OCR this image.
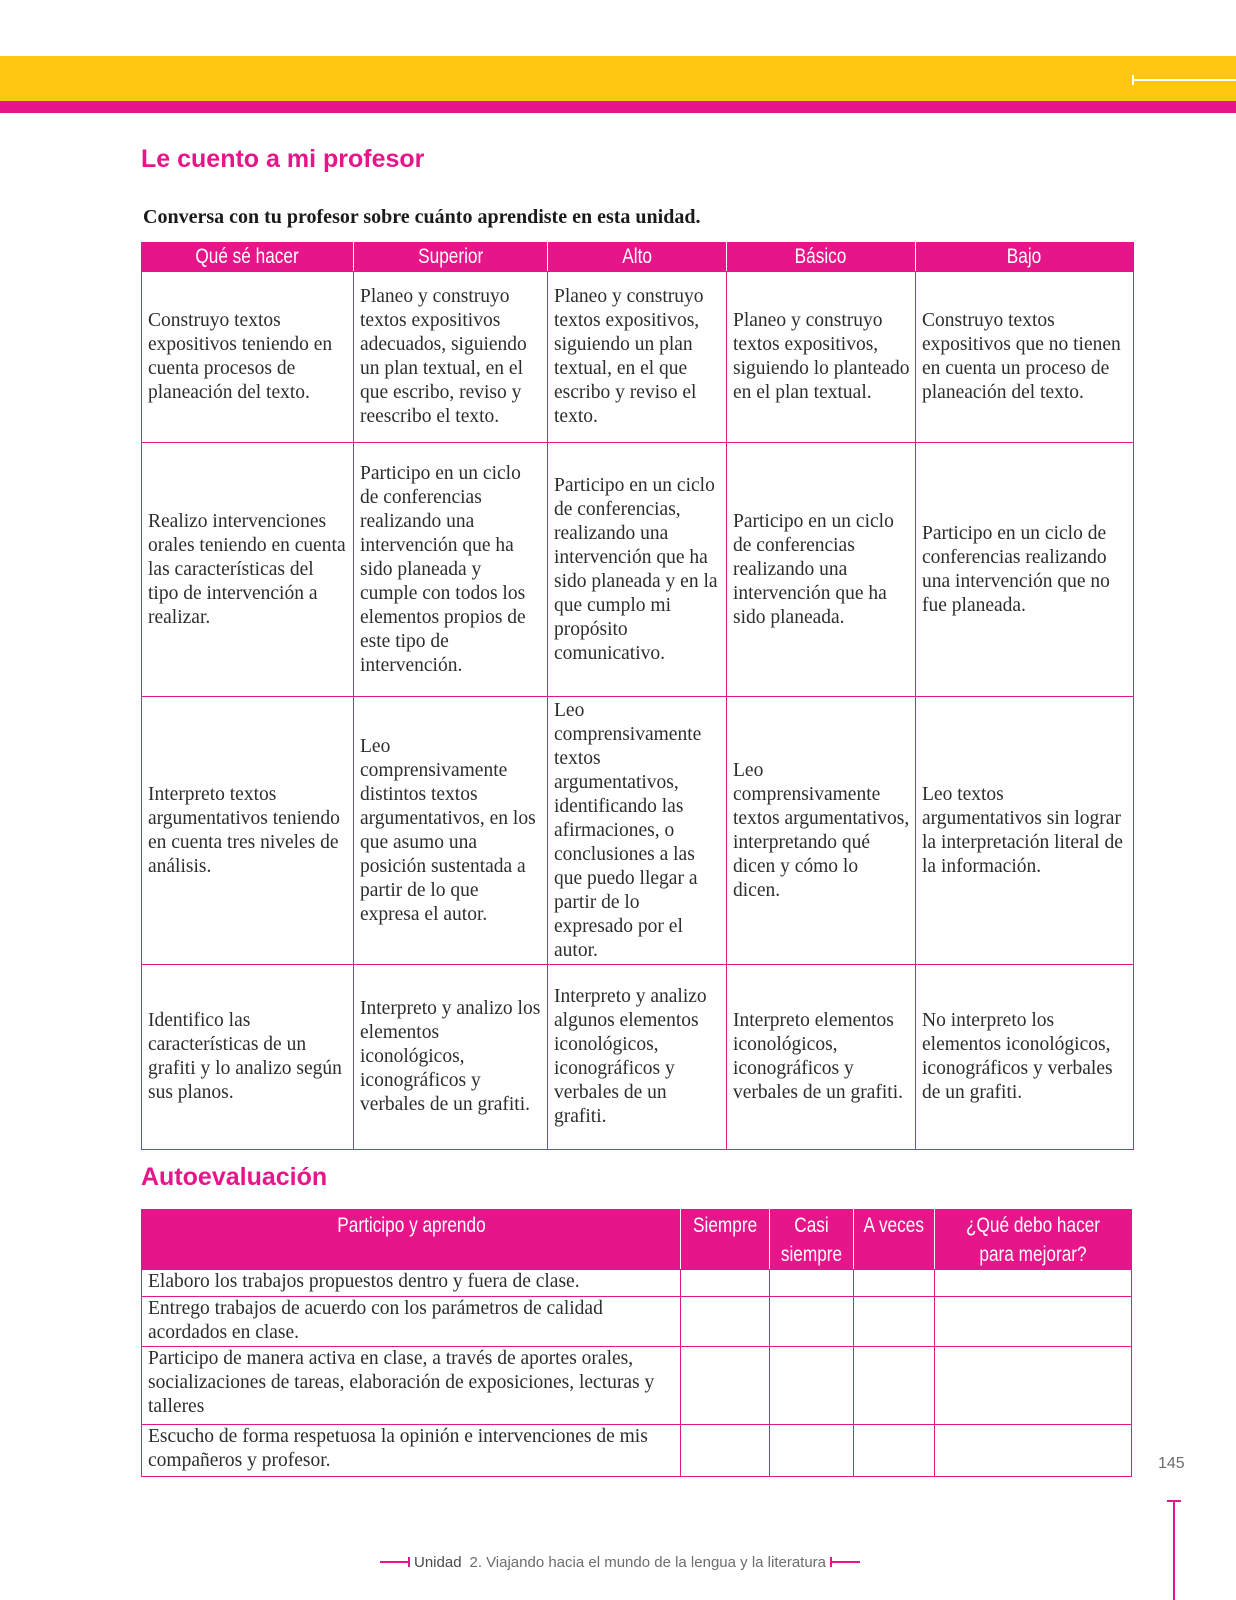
Le cuento a mi profesor

Conversa con tu profesor sobre cuánto aprendiste en esta unidad.

Qué sé hacer	Superior	Alto	Básico	Bajo
Construyo textos expositivos teniendo en cuenta procesos de planeación del texto.	Planeo y construyo textos expositivos adecuados, siguiendo un plan textual, en el que escribo, reviso y reescribo el texto.	Planeo y construyo textos expositivos, siguiendo un plan textual, en el que escribo y reviso el texto.	Planeo y construyo textos expositivos, siguiendo lo planteado en el plan textual.	Construyo textos expositivos que no tienen en cuenta un proceso de planeación del texto.
Realizo intervenciones orales teniendo en cuenta las características del tipo de intervención a realizar.	Participo en un ciclo de conferencias realizando una intervención que ha sido planeada y cumple con todos los elementos propios de este tipo de intervención.	Participo en un ciclo de conferencias, realizando una intervención que ha sido planeada y en la que cumplo mi propósito comunicativo.	Participo en un ciclo de conferencias realizando una intervención que ha sido planeada.	Participo en un ciclo de conferencias realizando una intervención que no fue planeada.
Interpreto textos argumentativos teniendo en cuenta tres niveles de análisis.	Leo comprensivamente distintos textos argumentativos, en los que asumo una posición sustentada a partir de lo que expresa el autor.	Leo comprensivamente textos argumentativos, identificando las afirmaciones, o conclusiones a las que puedo llegar a partir de lo expresado por el autor.	Leo comprensivamente textos argumentativos, interpretando qué dicen y cómo lo dicen.	Leo textos argumentativos sin lograr la interpretación literal de la información.
Identifico las características de un grafiti y lo analizo según sus planos.	Interpreto y analizo los elementos iconológicos, iconográficos y verbales de un grafiti.	Interpreto y analizo algunos elementos iconológicos, iconográficos y verbales de un grafiti.	Interpreto elementos iconológicos, iconográficos y verbales de un grafiti.	No interpreto los elementos iconológicos, iconográficos y verbales de un grafiti.
Autoevaluación
Participo y aprendo	Siempre	Casi siempre	A veces	¿Qué debo hacer para mejorar?
Elaboro los trabajos propuestos dentro y fuera de clase.				
Entrego trabajos de acuerdo con los parámetros de calidad acordados en clase.				
Participo de manera activa en clase, a través de aportes orales, socializaciones de tareas, elaboración de exposiciones, lecturas y talleres				
Escucho de forma respetuosa la opinión e intervenciones de mis compañeros y profesor.					145
Unidad 2. Viajando hacia el mundo de la lengua y la literatura
